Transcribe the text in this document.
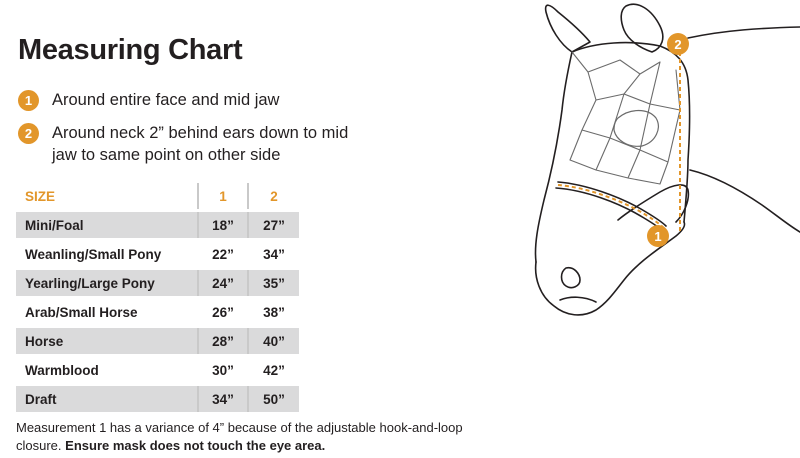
Measuring Chart
1	Around entire face and mid jaw
2	Around neck 2” behind ears down to mid jaw to same point on other side
SIZE	1	2
Mini/Foal	18”	27”
Weanling/Small Pony	22”	34”
Yearling/Large Pony	24”	35”
Arab/Small Horse	26”	38”
Horse	28”	40”
Warmblood	30”	42”
Draft	34”	50”
Measurement 1 has a variance of 4” because of the adjustable hook-and-loop closure. Ensure mask does not touch the eye area.
1
2
